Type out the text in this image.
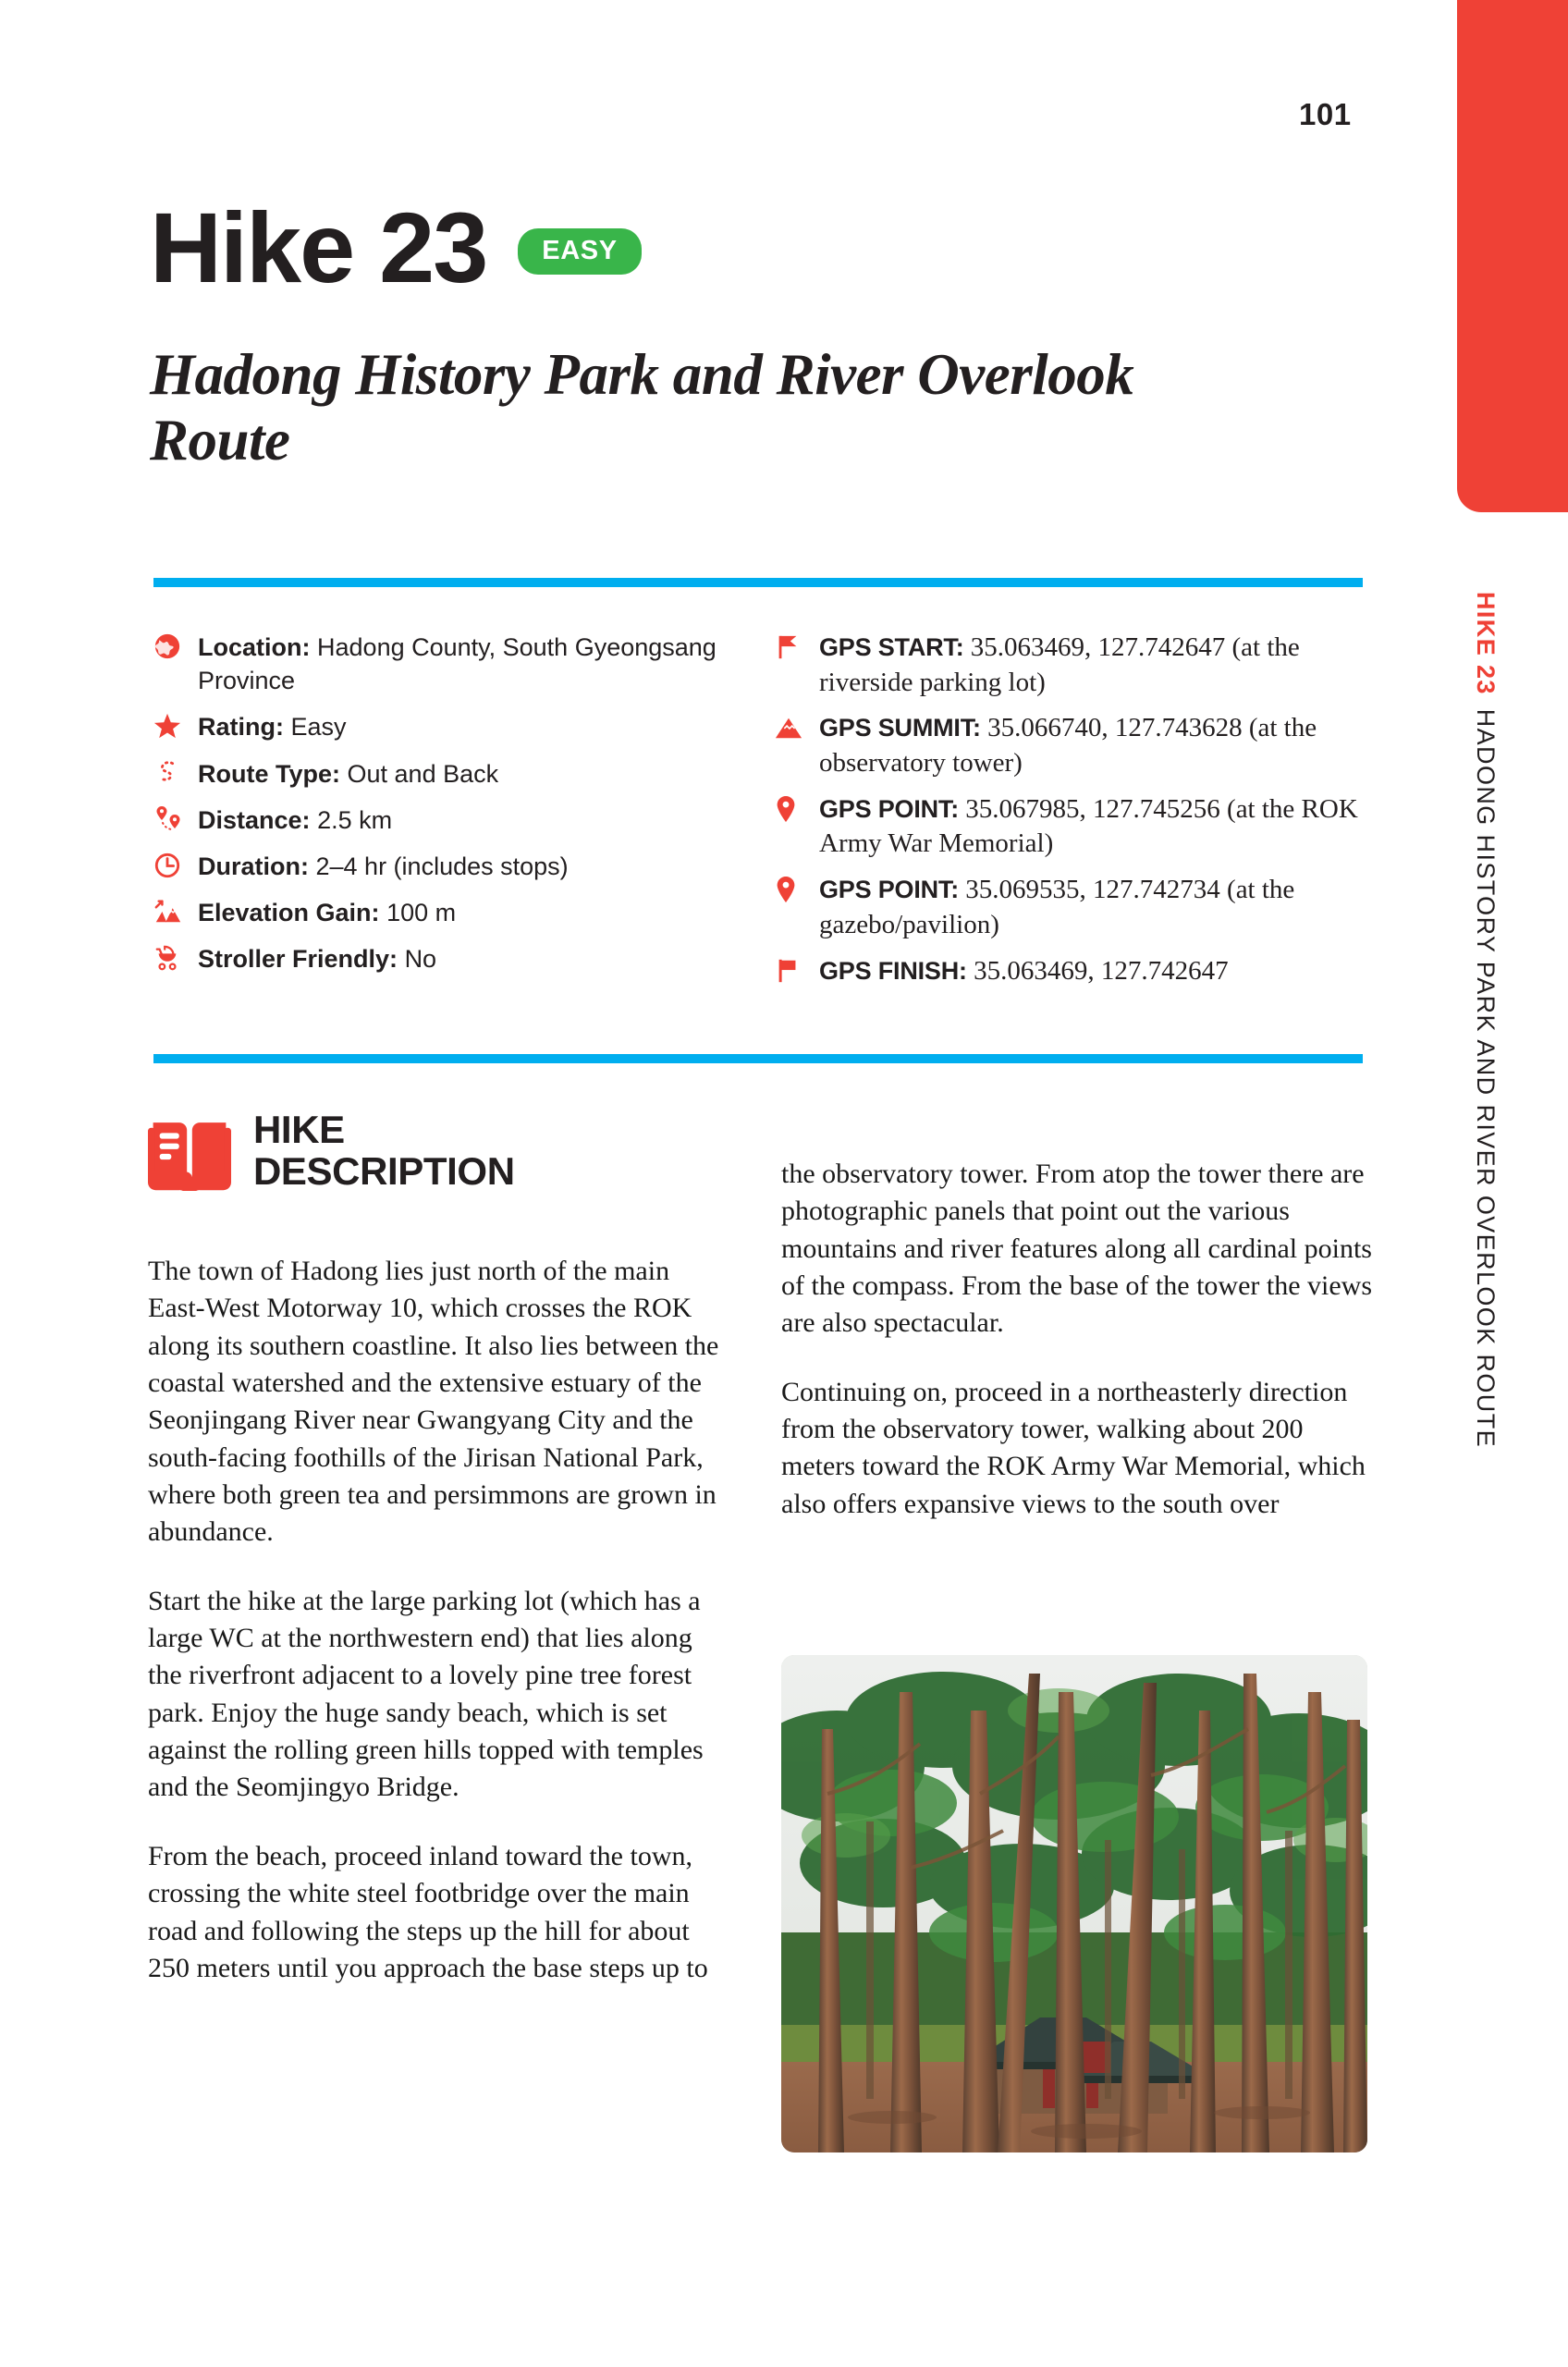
101
Hike 23	EASY
Hadong History Park and River Overlook Route
Location: Hadong County, South Gyeongsang Province
Rating: Easy
Route Type: Out and Back
Distance: 2.5 km
Duration: 2–4 hr (includes stops)
Elevation Gain: 100 m
Stroller Friendly: No
GPS START: 35.063469, 127.742647 (at the riverside parking lot)
GPS SUMMIT: 35.066740, 127.743628 (at the observatory tower)
GPS POINT: 35.067985, 127.745256 (at the ROK Army War Memorial)
GPS POINT: 35.069535, 127.742734 (at the gazebo/pavilion)
GPS FINISH: 35.063469, 127.742647
HIKE
DESCRIPTION

The town of Hadong lies just north of the main East-West Motorway 10, which crosses the ROK along its southern coastline. It also lies between the coastal watershed and the extensive estuary of the Seonjingang River near Gwangyang City and the south-facing foothills of the Jirisan National Park, where both green tea and persimmons are grown in abundance.

Start the hike at the large parking lot (which has a large WC at the northwestern end) that lies along the riverfront adjacent to a lovely pine tree forest park. Enjoy the huge sandy beach, which is set against the rolling green hills topped with temples and the Seomjingyo Bridge.

From the beach, proceed inland toward the town, crossing the white steel footbridge over the main road and following the steps up the hill for about 250 meters until you approach the base steps up to

the observatory tower. From atop the tower there are photographic panels that point out the various mountains and river features along all cardinal points of the compass. From the base of the tower the views are also spectacular.

Continuing on, proceed in a northeasterly direction from the observatory tower, walking about 200 meters toward the ROK Army War Memorial, which also offers expansive views to the south over

HIKE 23 HADONG HISTORY PARK AND RIVER OVERLOOK ROUTE
